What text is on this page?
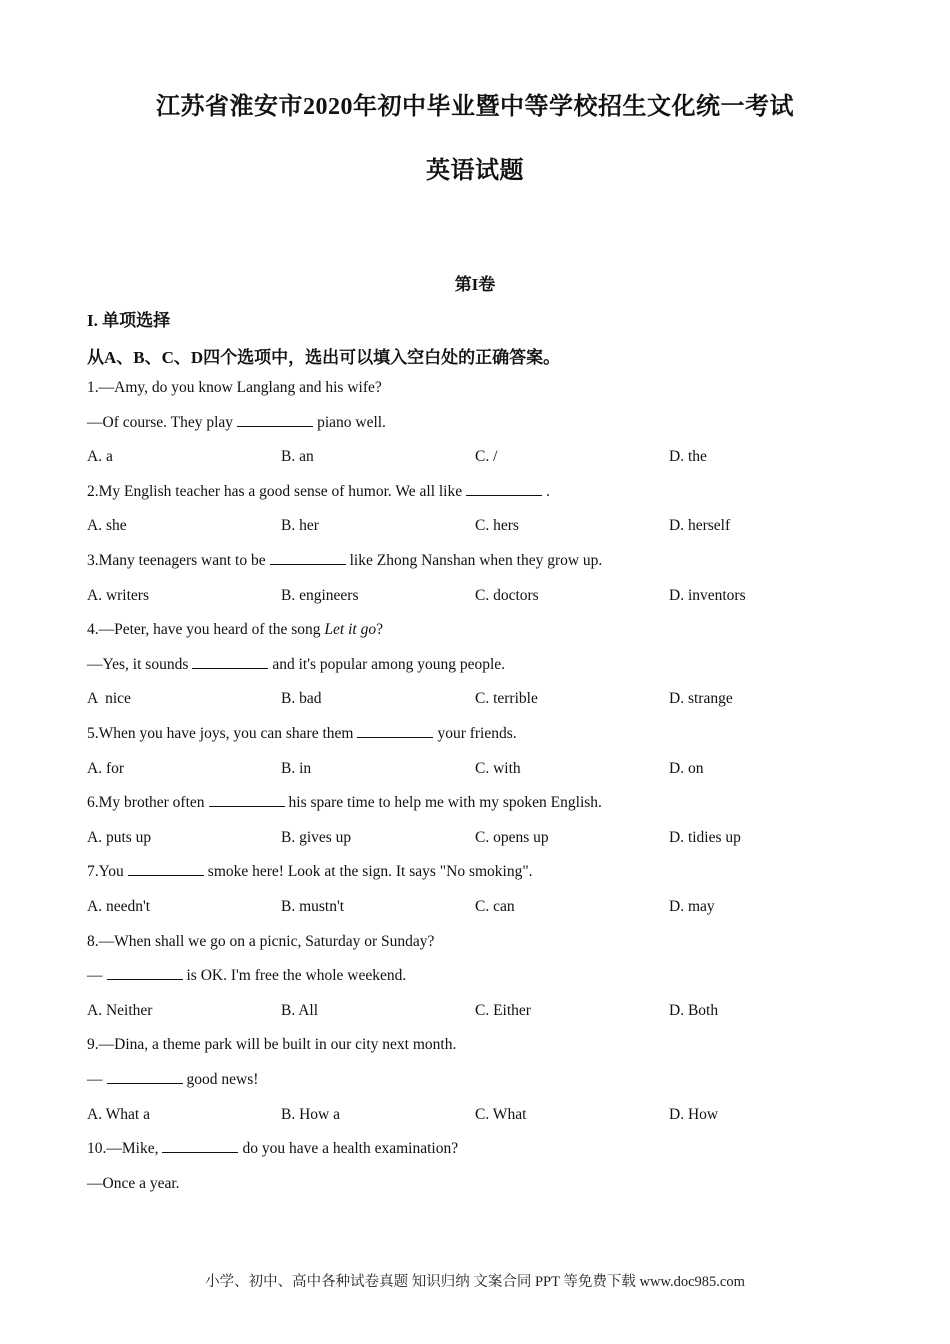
江苏省淮安市2020年初中毕业暨中等学校招生文化统一考试
英语试题
第I卷
I. 单项选择
从A、B、C、D四个选项中，选出可以填入空白处的正确答案。
1.—Amy, do you know Langlang and his wife?
—Of course. They play	piano well.
A. a	B. an	C. /	D. the
2.My English teacher has a good sense of humor. We all like	.
A. she	B. her	C. hers	D. herself
3.Many teenagers want to be	like Zhong Nanshan when they grow up.
A. writers	B. engineers	C. doctors	D. inventors
4.—Peter, have you heard of the song Let it go?
—Yes, it sounds	and it's popular among young people.
A  nice	B. bad	C. terrible	D. strange
5.When you have joys, you can share them	your friends.
A. for	B. in	C. with	D. on
6.My brother often	his spare time to help me with my spoken English.
A. puts up	B. gives up	C. opens up	D. tidies up
7.You	smoke here! Look at the sign. It says "No smoking".
A. needn't	B. mustn't	C. can	D. may
8.—When shall we go on a picnic, Saturday or Sunday?
—	is OK. I'm free the whole weekend.
A. Neither	B. All	C. Either	D. Both
9.—Dina, a theme park will be built in our city next month.
—	good news!
A. What a	B. How a	C. What	D. How
10.—Mike,	do you have a health examination?
—Once a year.
小学、初中、高中各种试卷真题 知识归纳 文案合同 PPT 等免费下载 www.doc985.com
